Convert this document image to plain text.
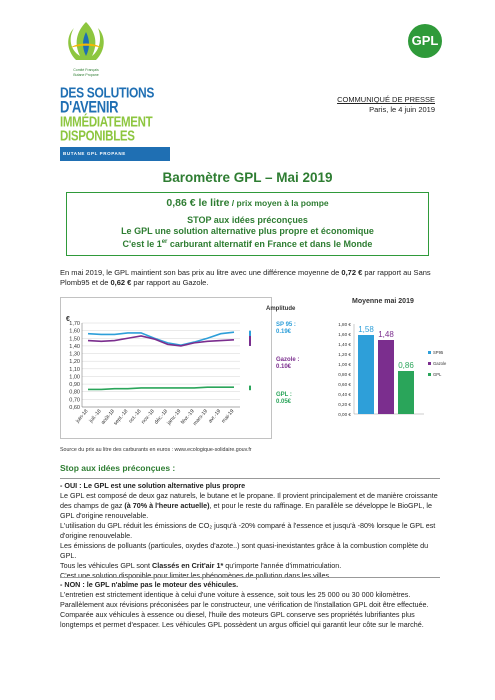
Comité Français
Butane Propane
GPL
DES SOLUTIONS
D'AVENIR
IMMÉDIATEMENT
DISPONIBLES
BUTANE GPL PROPANE
COMMUNIQUÉ DE PRESSE
Paris, le 4 juin 2019
Baromètre GPL – Mai 2019
0,86 € le litre / prix moyen à la pompe
STOP aux idées préconçues
Le GPL une solution alternative plus propre et économique
C'est le 1er carburant alternatif en France et dans le Monde
En mai 2019, le GPL maintient son bas prix au litre avec une différence moyenne de 0,72 € par rapport au Sans Plomb95 et de 0,62 € par rapport au Gazole.
1,70
1,60
1,50
1,40
1,30
1,20
1,10
1,00
0,90
0,80
0,70
0,60
€
juin-18
juil.-18
août-18
sept.-18
oct.-18
nov.-18
déc.-18
janv.-19
févr.-19
mars-19
avr.-19
mai-19
Amplitude
SP 95 :
0.19€
Gazole :
0.10€
GPL :
0.05€
Moyenne mai 2019
1,80 €
1,60 €
1,40 €
1,20 €
1,00 €
0,80 €
0,60 €
0,40 €
0,20 €
0,00 €
1,58
1,48
0,86
SP95
Gazole
GPL
Source du prix au litre des carburants en euros : www.ecologique-solidaire.gouv.fr
Stop aux idées préconçues :
- OUI : Le GPL est une solution alternative plus propre
Le GPL est composé de deux gaz naturels, le butane et le propane. Il provient principalement et de manière croissante des champs de gaz (à 70% à l'heure actuelle), et pour le reste du raffinage. En parallèle se développe le BioGPL, le GPL d'origine renouvelable.
L'utilisation du GPL réduit les émissions de CO₂ jusqu'à -20% comparé à l'essence et jusqu'à -80% lorsque le GPL est d'origine renouvelable.
Les émissions de polluants (particules, oxydes d'azote..) sont quasi-inexistantes grâce à la combustion complète du GPL.
Tous les véhicules GPL sont Classés en Crit'air 1* qu'importe l'année d'immatriculation.
C'est une solution disponible pour limiter les phénomènes de pollution dans les villes.
- NON : le GPL n'abîme pas le moteur des véhicules.
L'entretien est strictement identique à celui d'une voiture à essence, soit tous les 25 000 ou 30 000 kilomètres. Parallèlement aux révisions préconisées par le constructeur, une vérification de l'installation GPL doit être effectuée. Comparée aux véhicules à essence ou diesel, l'huile des moteurs GPL conserve ses propriétés lubrifiantes plus longtemps et permet d'espacer. Les véhicules GPL possèdent un argus officiel qui garantit leur côte sur le marché.
